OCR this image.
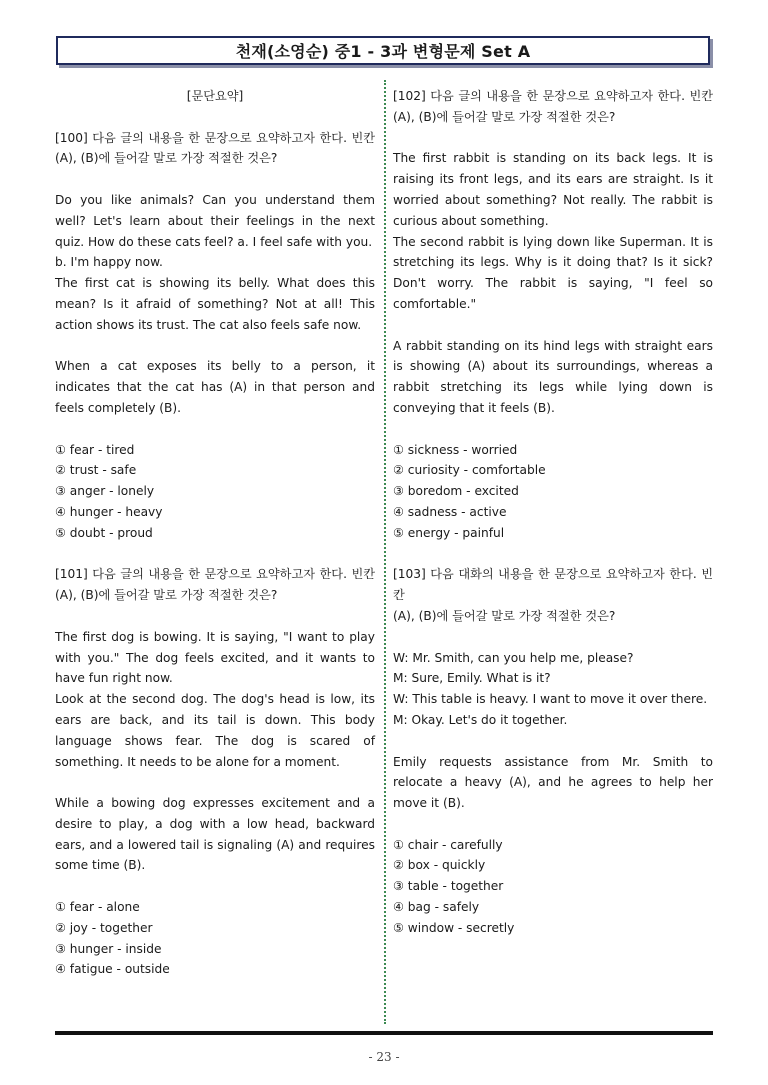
천재(소영순) 중1 - 3과 변형문제 Set A

[문단요약]

[100] 다음 글의 내용을 한 문장으로 요약하고자 한다. 빈칸

(A), (B)에 들어갈 말로 가장 적절한 것은?

Do you like animals? Can you understand them well? Let's learn about their feelings in the next quiz. How do these cats feel? a. I feel safe with you.

b. I'm happy now.

The first cat is showing its belly. What does this mean? Is it afraid of something? Not at all! This action shows its trust. The cat also feels safe now.

When a cat exposes its belly to a person, it indicates that the cat has (A) in that person and feels completely (B).

① fear - tired

② trust - safe

③ anger - lonely

④ hunger - heavy

⑤ doubt - proud

[101] 다음 글의 내용을 한 문장으로 요약하고자 한다. 빈칸

(A), (B)에 들어갈 말로 가장 적절한 것은?

The first dog is bowing. It is saying, "I want to play with you." The dog feels excited, and it wants to have fun right now.

Look at the second dog. The dog's head is low, its ears are back, and its tail is down. This body language shows fear. The dog is scared of something. It needs to be alone for a moment.

While a bowing dog expresses excitement and a desire to play, a dog with a low head, backward ears, and a lowered tail is signaling (A) and requires some time (B).

① fear - alone

② joy - together

③ hunger - inside

④ fatigue - outside

[102] 다음 글의 내용을 한 문장으로 요약하고자 한다. 빈칸

(A), (B)에 들어갈 말로 가장 적절한 것은?

The first rabbit is standing on its back legs. It is raising its front legs, and its ears are straight. Is it worried about something? Not really. The rabbit is curious about something.

The second rabbit is lying down like Superman. It is stretching its legs. Why is it doing that? Is it sick? Don't worry. The rabbit is saying, "I feel so comfortable."

A rabbit standing on its hind legs with straight ears is showing (A) about its surroundings, whereas a rabbit stretching its legs while lying down is conveying that it feels (B).

① sickness - worried

② curiosity - comfortable

③ boredom - excited

④ sadness - active

⑤ energy - painful

[103] 다음 대화의 내용을 한 문장으로 요약하고자 한다. 빈칸

(A), (B)에 들어갈 말로 가장 적절한 것은?

W: Mr. Smith, can you help me, please?

M: Sure, Emily. What is it?

W: This table is heavy. I want to move it over there.

M: Okay. Let's do it together.

Emily requests assistance from Mr. Smith to relocate a heavy (A), and he agrees to help her move it (B).

① chair - carefully

② box - quickly

③ table - together

④ bag - safely

⑤ window - secretly

- 23 -
